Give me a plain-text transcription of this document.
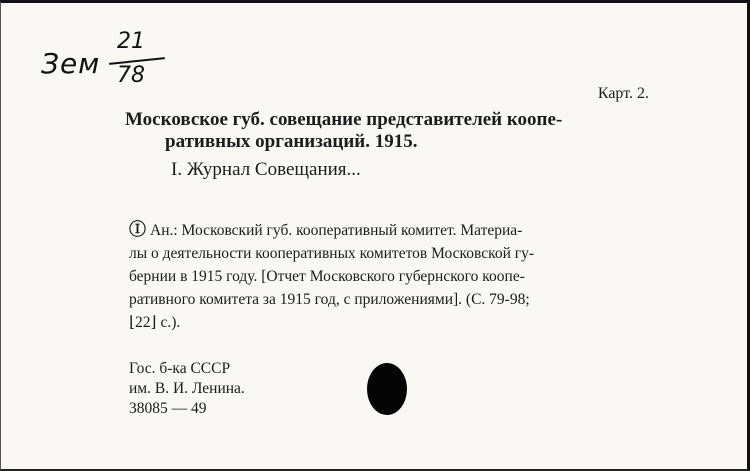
Зем
21
78
Карт. 2.
Московское губ. совещание представителей коопе-
ративных организаций. 1915.
I. Журнал Совещания...
Ⓘ Ан.: Московский губ. кооперативный комитет. Материа-
лы о деятельности кооперативных комитетов Московской гу-
бернии в 1915 году. [Отчет Московского губернского коопе-
ративного комитета за 1915 год, с приложениями]. (С. 79-98;
⌊22⌋ с.).
Гос. б-ка СССР
им. В. И. Ленина.
38085 — 49
